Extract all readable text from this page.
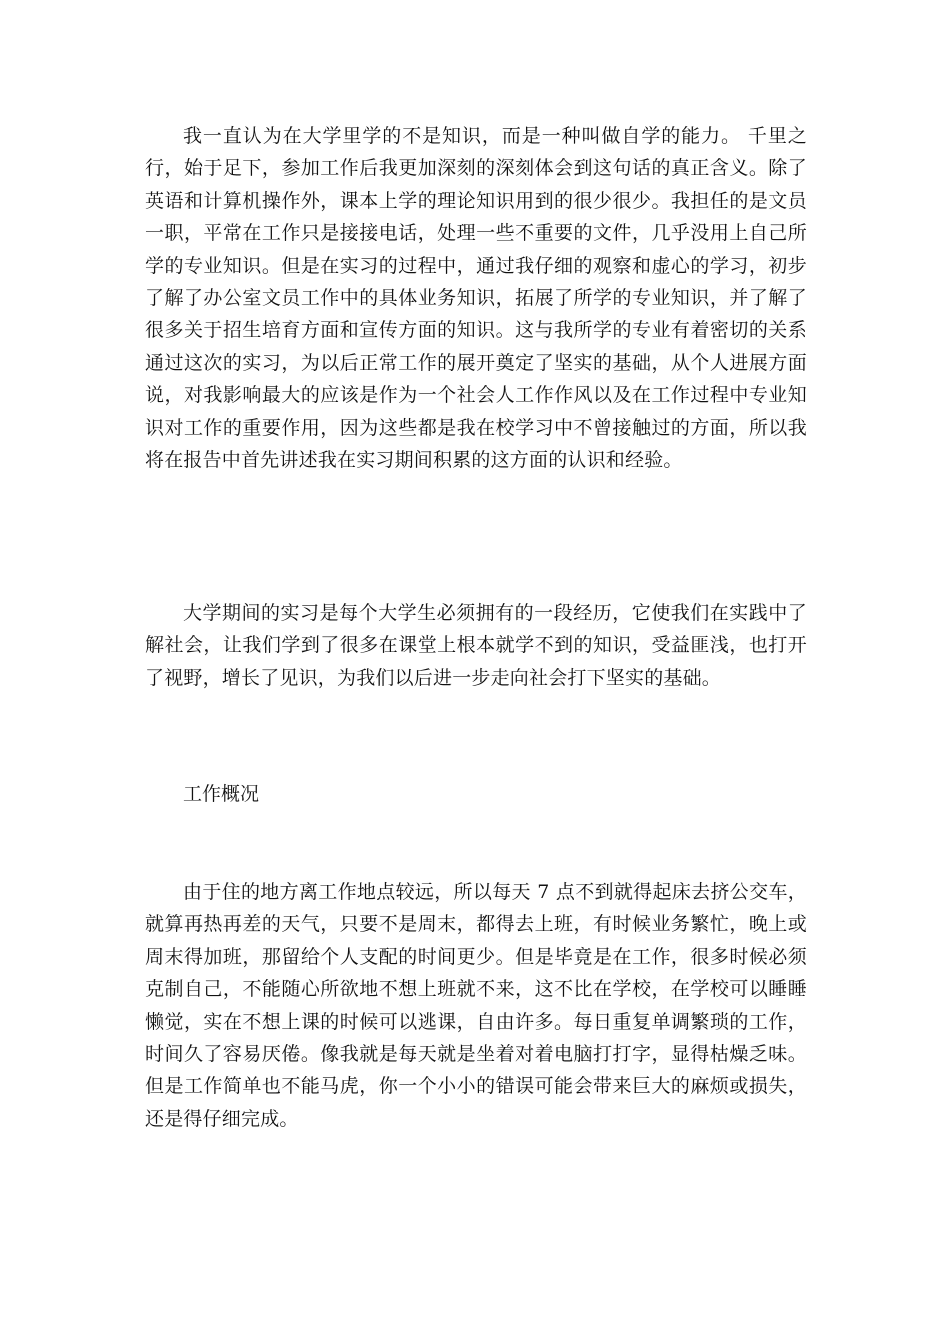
我一直认为在大学里学的不是知识，而是一种叫做自学的能力。 千里之行，始于足下，参加工作后我更加深刻的深刻体会到这句话的真正含义。除了英语和计算机操作外，课本上学的理论知识用到的很少很少。我担任的是文员一职，平常在工作只是接接电话，处理一些不重要的文件，几乎没用上自己所学的专业知识。但是在实习的过程中，通过我仔细的观察和虚心的学习，初步了解了办公室文员工作中的具体业务知识，拓展了所学的专业知识，并了解了很多关于招生培育方面和宣传方面的知识。这与我所学的专业有着密切的关系通过这次的实习，为以后正常工作的展开奠定了坚实的基础，从个人进展方面说，对我影响最大的应该是作为一个社会人工作作风以及在工作过程中专业知识对工作的重要作用，因为这些都是我在校学习中不曾接触过的方面，所以我将在报告中首先讲述我在实习期间积累的这方面的认识和经验。

大学期间的实习是每个大学生必须拥有的一段经历，它使我们在实践中了解社会，让我们学到了很多在课堂上根本就学不到的知识，受益匪浅，也打开了视野，增长了见识，为我们以后进一步走向社会打下坚实的基础。

工作概况

由于住的地方离工作地点较远，所以每天 7 点不到就得起床去挤公交车，就算再热再差的天气，只要不是周末，都得去上班，有时候业务繁忙，晚上或周末得加班，那留给个人支配的时间更少。但是毕竟是在工作，很多时候必须克制自己，不能随心所欲地不想上班就不来，这不比在学校，在学校可以睡睡懒觉，实在不想上课的时候可以逃课，自由许多。每日重复单调繁琐的工作，时间久了容易厌倦。像我就是每天就是坐着对着电脑打打字，显得枯燥乏味。但是工作简单也不能马虎，你一个小小的错误可能会带来巨大的麻烦或损失，还是得仔细完成。
